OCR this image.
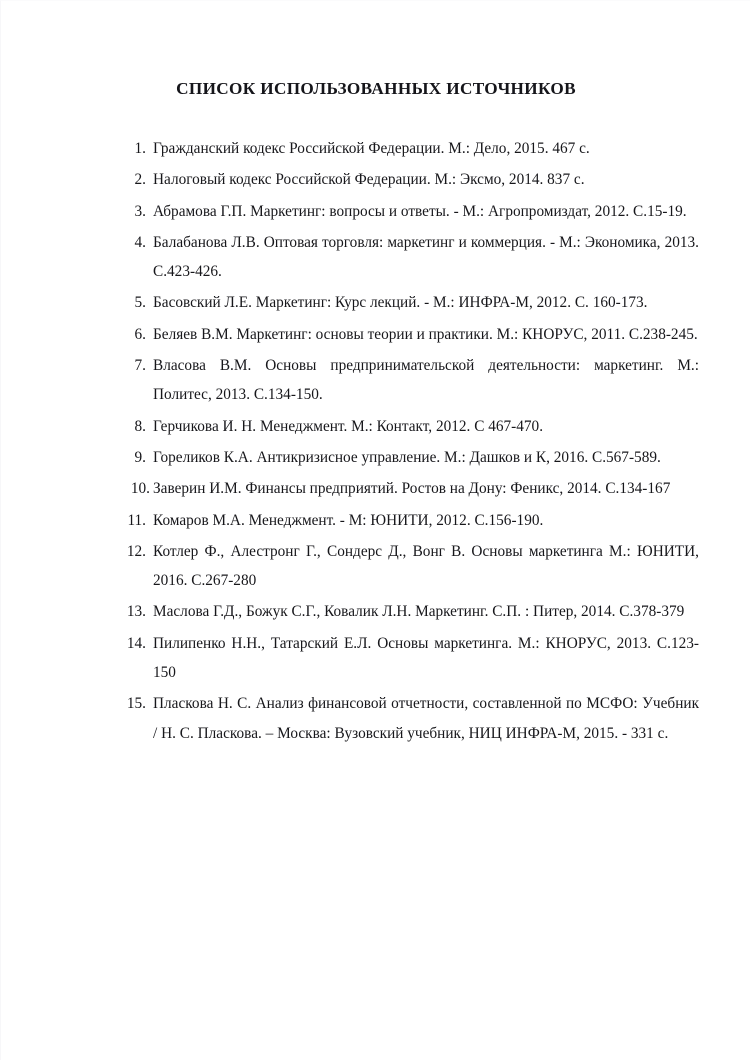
СПИСОК ИСПОЛЬЗОВАННЫХ ИСТОЧНИКОВ
1. Гражданский кодекс Российской Федерации. М.: Дело, 2015. 467 с.
2. Налоговый кодекс Российской Федерации. М.: Эксмо, 2014. 837 с.
3. Абрамова Г.П. Маркетинг: вопросы и ответы. - М.: Агропромиздат, 2012. С.15-19.
4. Балабанова Л.В. Оптовая торговля: маркетинг и коммерция. - М.: Экономика, 2013. С.423-426.
5. Басовский Л.Е. Маркетинг: Курс лекций. - М.: ИНФРА-М, 2012. С. 160-173.
6. Беляев В.М. Маркетинг: основы теории и практики. М.: КНОРУС, 2011. С.238-245.
7. Власова В.М. Основы предпринимательской деятельности: маркетинг. М.: Политес, 2013. С.134-150.
8. Герчикова И. Н. Менеджмент. М.: Контакт, 2012. С 467-470.
9. Гореликов К.А. Антикризисное управление. М.: Дашков и К, 2016. С.567-589.
10. Заверин И.М. Финансы предприятий. Ростов на Дону: Феникс, 2014. С.134-167
11. Комаров М.А. Менеджмент. - М: ЮНИТИ, 2012. С.156-190.
12. Котлер Ф., Алестронг Г., Сондерс Д., Вонг В. Основы маркетинга М.: ЮНИТИ, 2016. С.267-280
13. Маслова Г.Д., Божук С.Г., Ковалик Л.Н. Маркетинг. С.П. : Питер, 2014. С.378-379
14. Пилипенко Н.Н., Татарский Е.Л. Основы маркетинга. М.: КНОРУС, 2013. С.123-150
15. Пласкова Н. С. Анализ финансовой отчетности, составленной по МСФО: Учебник / Н. С. Пласкова. – Москва: Вузовский учебник, НИЦ ИНФРА-М, 2015. - 331 с.
